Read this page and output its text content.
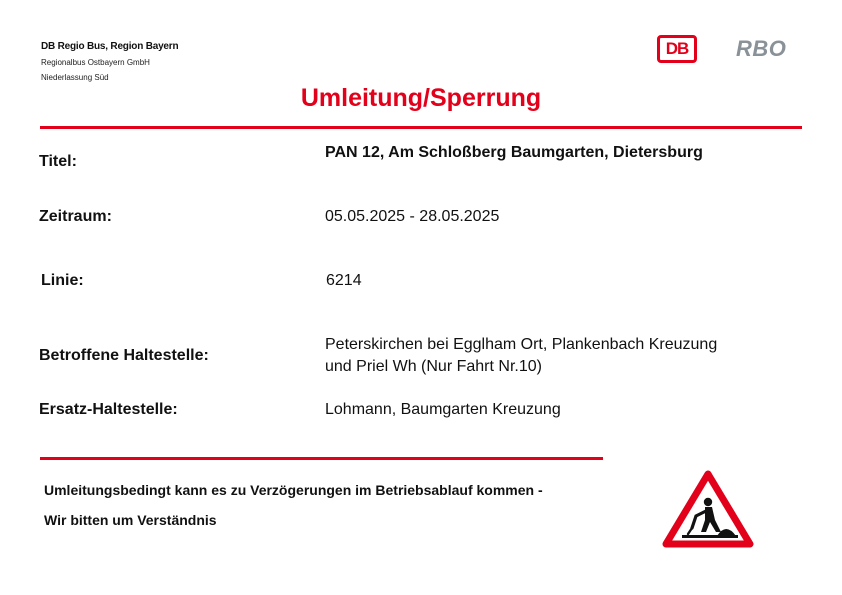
DB Regio Bus, Region Bayern
Regionalbus Ostbayern GmbH
Niederlassung Süd
DB RBO
Umleitung/Sperrung
Titel:
PAN 12, Am Schloßberg Baumgarten, Dietersburg
Zeitraum:	05.05.2025 - 28.05.2025
Linie:	6214
Betroffene Haltestelle:
Peterskirchen bei Egglham Ort, Plankenbach Kreuzung
und Priel Wh (Nur Fahrt Nr.10)
Ersatz-Haltestelle:	Lohmann, Baumgarten Kreuzung
Umleitungsbedingt kann es zu Verzögerungen im Betriebsablauf kommen -
Wir bitten um Verständnis
